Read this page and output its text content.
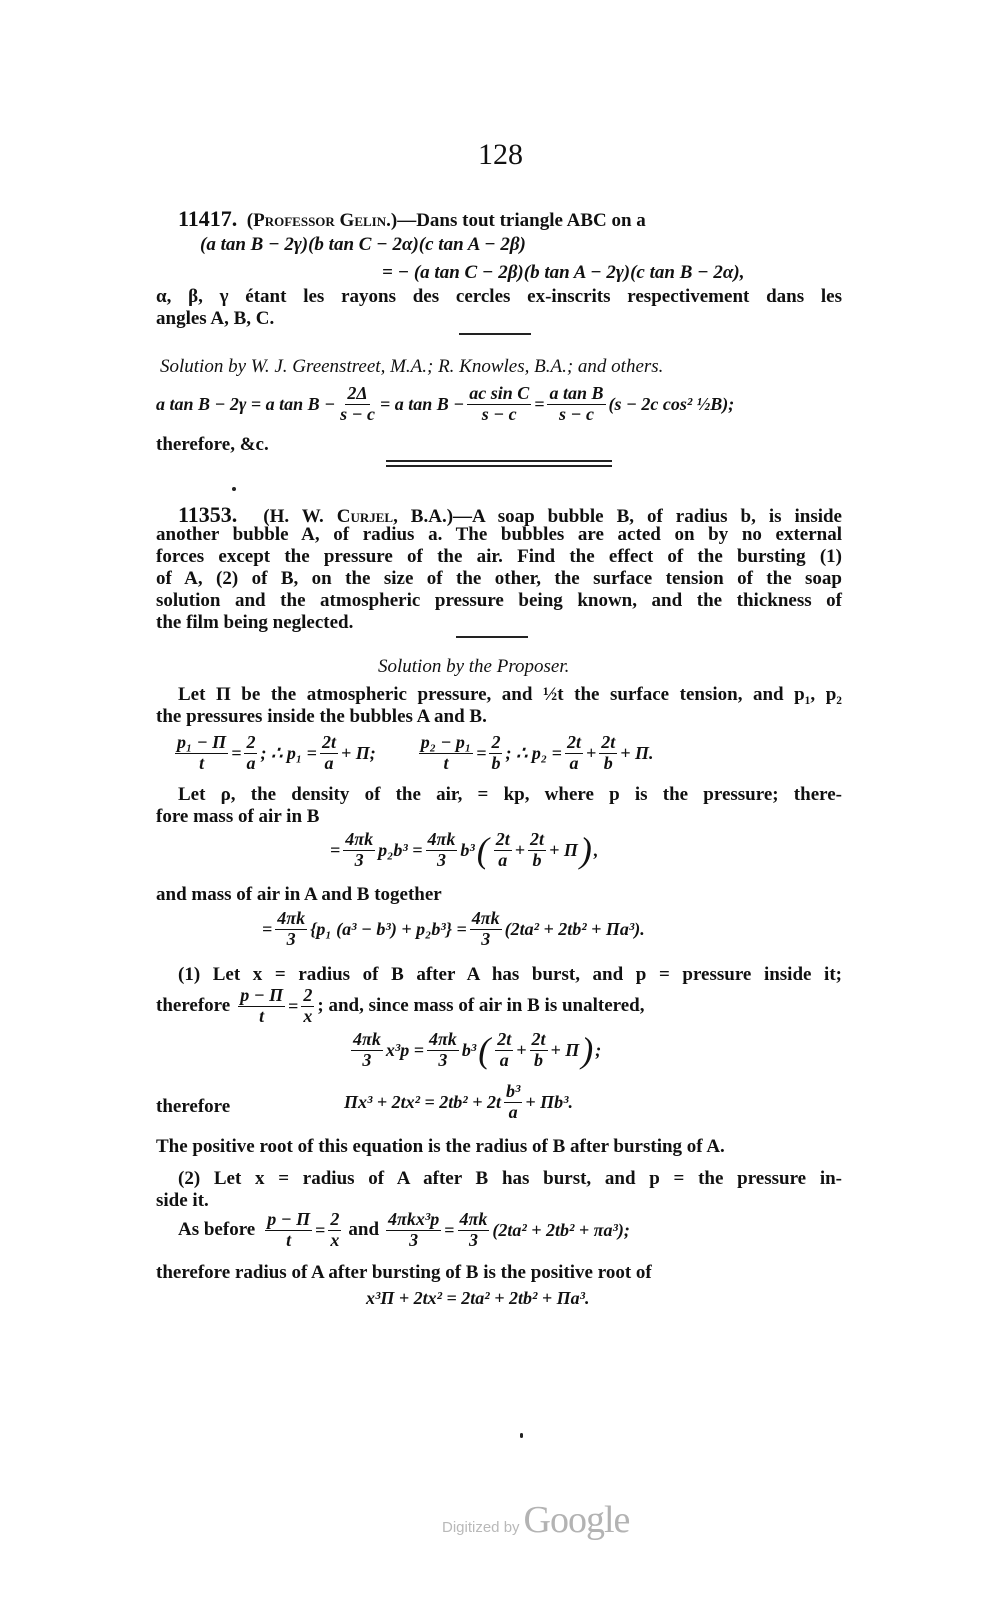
128
11417. (Professor Gelin.)—Dans tout triangle ABC on a
(a tan B − 2γ)(b tan C − 2α)(c tan A − 2β)
= − (a tan C − 2β)(b tan A − 2γ)(c tan B − 2α),
α, β, γ étant les rayons des cercles ex-inscrits respectivement dans les
angles A, B, C.
Solution by W. J. Greenstreet, M.A.; R. Knowles, B.A.; and others.
a tan B − 2γ = a $\tan B - \frac{2\Delta}{s - c} = a$ $\tan B - \frac{\text{ac sin C}}{s - c} = \frac{\text{a tan B}}{s - c} (s - 2c$ cos² ½B);
therefore, &c.
11353. (H. W. Curjel, B.A.)—A soap bubble B, of radius b, is inside
another bubble A, of radius a. The bubbles are acted on by no external
forces except the pressure of the air. Find the effect of the bursting (1)
of A, (2) of B, on the size of the other, the surface tension of the soap
solution and the atmospheric pressure being known, and the thickness of
the film being neglected.
Solution by the Proposer.
Let Π be the atmospheric pressure, and ½t the surface tension, and p₁, p₂
the pressures inside the bubbles A and B.
$\frac{\text{p₁ − Π}}{t} = \frac{2}{a}$ ; ∴ $p_1 = \frac{2t}{a} + \Pi$; $\frac{\text{p₂ − p₁}}{t} = \frac{2}{b}$ ; ∴ $p_2 = \frac{2t}{a} + \frac{2t}{b} + \Pi$.
Let ρ, the density of the air, = kp, where p is the pressure; there-
fore mass of air in B
= $\frac{4\pi k}{3} p_2b^3 = \frac{4\pi k}{3} b^3$ ( $\frac{2t}{a} + \frac{2t}{b} + \Pi$ ) ,
and mass of air in A and B together
= $\frac{4\pi k}{3} \{p_1$ $(a^3 - b^3) + p_2b^3\} = \frac{4\pi k}{3} (2ta^2 + 2tb^2 + \Pi a^3)$.
(1) Let x = radius of B after A has burst, and p = pressure inside it;
therefore $\frac{p - \Pi}{t} = \frac{2}{x}$ ; and, since mass of air in B is unaltered,
$\frac{4\pi k}{3} x^3p = \frac{4\pi k}{3} b^3$ ( $\frac{2t}{a} + \frac{2t}{b} + \Pi$ ) ;
therefore	$\Pi x^3 + 2tx^2 = 2tb^2 + 2t \frac{\text{b³}}{a} + \Pi b^3$.
The positive root of this equation is the radius of B after bursting of A.
(2) Let x = radius of A after B has burst, and p = the pressure in-
side it.
As before $\frac{p - \Pi}{t} = \frac{2}{x}$ and $\frac{\text{4πkx³p}}{3} = \frac{4\pi k}{3} (2ta^2 + 2tb^2 + \pi a^3)$;
therefore radius of A after bursting of B is the positive root of
x³Π + 2tx² = 2ta² + 2tb² + Πa³.
Digitized by Google
